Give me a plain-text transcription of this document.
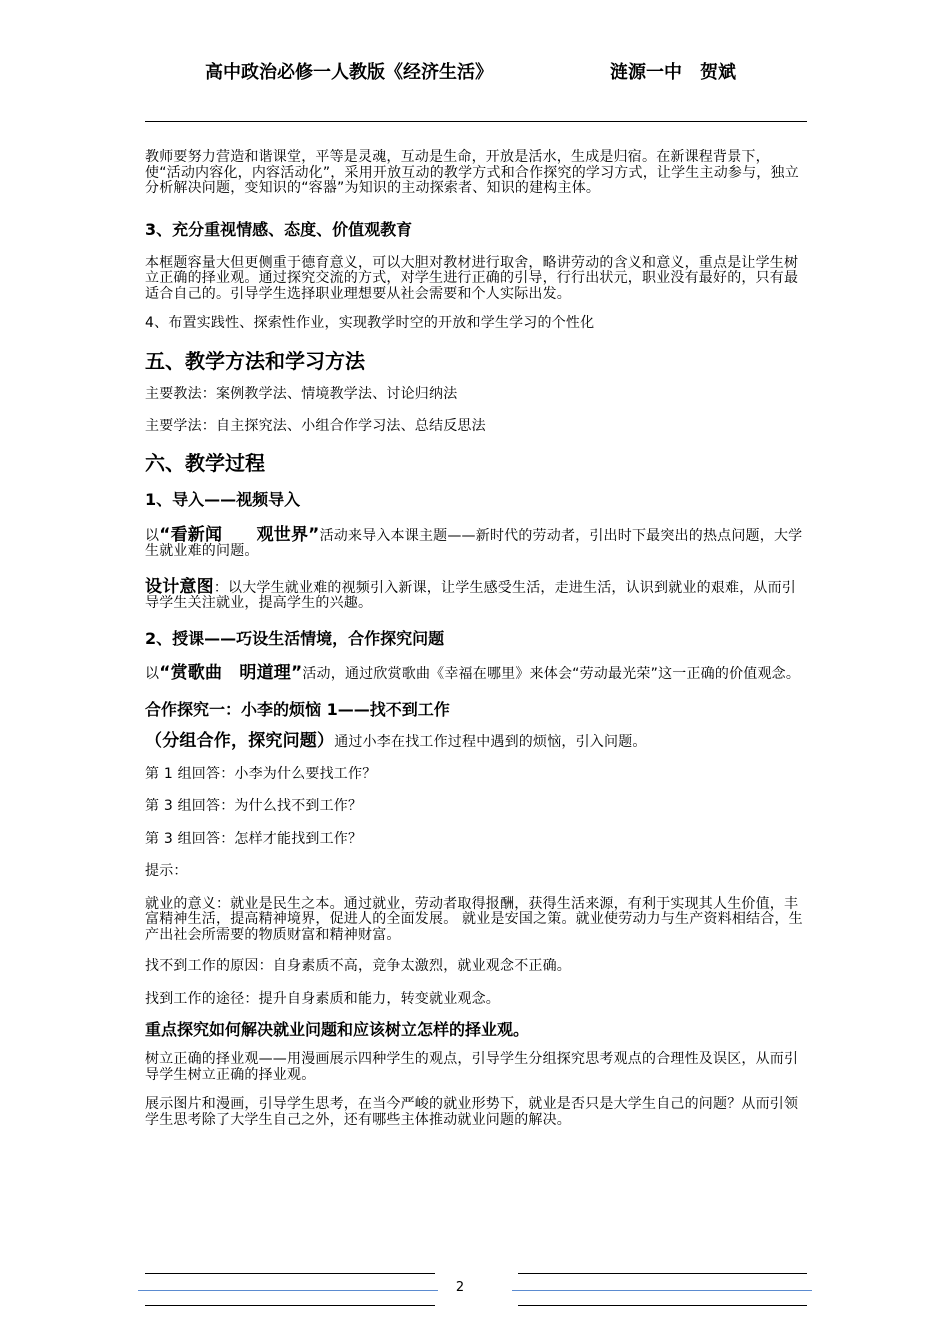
高中政治必修一人教版《经济生活》	涟源一中　贺斌

教师要努力营造和谐课堂，平等是灵魂，互动是生命，开放是活水，生成是归宿。在新课程背景下，使“活动内容化，内容活动化”，采用开放互动的教学方式和合作探究的学习方式，让学生主动参与，独立分析解决问题，变知识的“容器”为知识的主动探索者、知识的建构主体。

3、充分重视情感、态度、价值观教育

本框题容量大但更侧重于德育意义，可以大胆对教材进行取舍，略讲劳动的含义和意义，重点是让学生树立正确的择业观。通过探究交流的方式，对学生进行正确的引导，行行出状元，职业没有最好的，只有最适合自己的。引导学生选择职业理想要从社会需要和个人实际出发。

4、布置实践性、探索性作业，实现教学时空的开放和学生学习的个性化

五、教学方法和学习方法

主要教法：案例教学法、情境教学法、讨论归纳法

主要学法：自主探究法、小组合作学习法、总结反思法

六、教学过程

1、导入——视频导入

以“看新闻　　观世界”活动来导入本课主题——新时代的劳动者，引出时下最突出的热点问题，大学生就业难的问题。

设计意图：以大学生就业难的视频引入新课，让学生感受生活，走进生活，认识到就业的艰难，从而引导学生关注就业，提高学生的兴趣。

2、授课——巧设生活情境，合作探究问题

以“赏歌曲　明道理”活动，通过欣赏歌曲《幸福在哪里》来体会“劳动最光荣”这一正确的价值观念。

合作探究一：小李的烦恼 1——找不到工作

（分组合作，探究问题）通过小李在找工作过程中遇到的烦恼，引入问题。

第 1 组回答：小李为什么要找工作？

第 3 组回答：为什么找不到工作？

第 3 组回答：怎样才能找到工作？

提示：

就业的意义：就业是民生之本。通过就业，劳动者取得报酬，获得生活来源，有利于实现其人生价值，丰富精神生活，提高精神境界，促进人的全面发展。 就业是安国之策。就业使劳动力与生产资料相结合，生产出社会所需要的物质财富和精神财富。

找不到工作的原因：自身素质不高，竞争太激烈，就业观念不正确。

找到工作的途径：提升自身素质和能力，转变就业观念。

重点探究如何解决就业问题和应该树立怎样的择业观。

树立正确的择业观——用漫画展示四种学生的观点，引导学生分组探究思考观点的合理性及误区，从而引导学生树立正确的择业观。

展示图片和漫画，引导学生思考，在当今严峻的就业形势下，就业是否只是大学生自己的问题？从而引领学生思考除了大学生自己之外，还有哪些主体推动就业问题的解决。

2
